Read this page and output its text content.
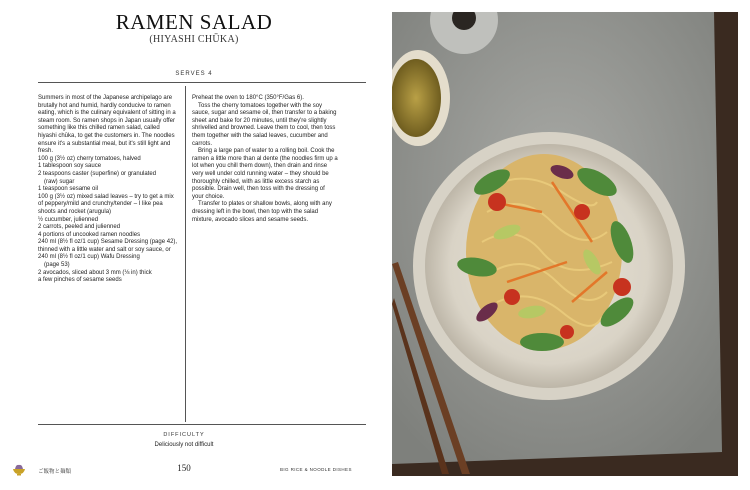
RAMEN SALAD
(HIYASHI CHŪKA)
SERVES 4

Summers in most of the Japanese archipelago are brutally hot and humid, hardly conducive to ramen eating, which is the culinary equivalent of sitting in a steam room. So ramen shops in Japan usually offer something like this chilled ramen salad, called hiyashi chūka, to get the customers in. The noodles ensure it's a substantial meal, but it's still light and fresh.

100 g (3½ oz) cherry tomatoes, halved

1 tablespoon soy sauce

2 teaspoons caster (superfine) or granulated

(raw) sugar

1 teaspoon sesame oil

100 g (3½ oz) mixed salad leaves – try to get a mix of peppery/mild and crunchy/tender – I like pea shoots and rocket (arugula)

½ cucumber, julienned

2 carrots, peeled and julienned

4 portions of uncooked ramen noodles

240 ml (8½ fl oz/1 cup) Sesame Dressing (page 42), thinned with a little water and salt or soy sauce, or 240 ml (8½ fl oz/1 cup) Wafu Dressing

(page 53)

2 avocados, sliced about 3 mm (⅛ in) thick

a few pinches of sesame seeds

Preheat the oven to 180°C (350°F/Gas 6).

Toss the cherry tomatoes together with the soy sauce, sugar and sesame oil, then transfer to a baking sheet and bake for 20 minutes, until they're slightly shrivelled and browned. Leave them to cool, then toss them together with the salad leaves, cucumber and carrots.

Bring a large pan of water to a rolling boil. Cook the ramen a little more than al dente (the noodles firm up a lot when you chill them down), then drain and rinse very well under cold running water – they should be thoroughly chilled, with as little excess starch as possible. Drain well, then toss with the dressing of your choice.

Transfer to plates or shallow bowls, along with any dressing left in the bowl, then top with the salad mixture, avocado slices and sesame seeds.

DIFFICULTY
Deliciously not difficult
ご飯物と麺類	150	BIG RICE & NOODLE DISHES
